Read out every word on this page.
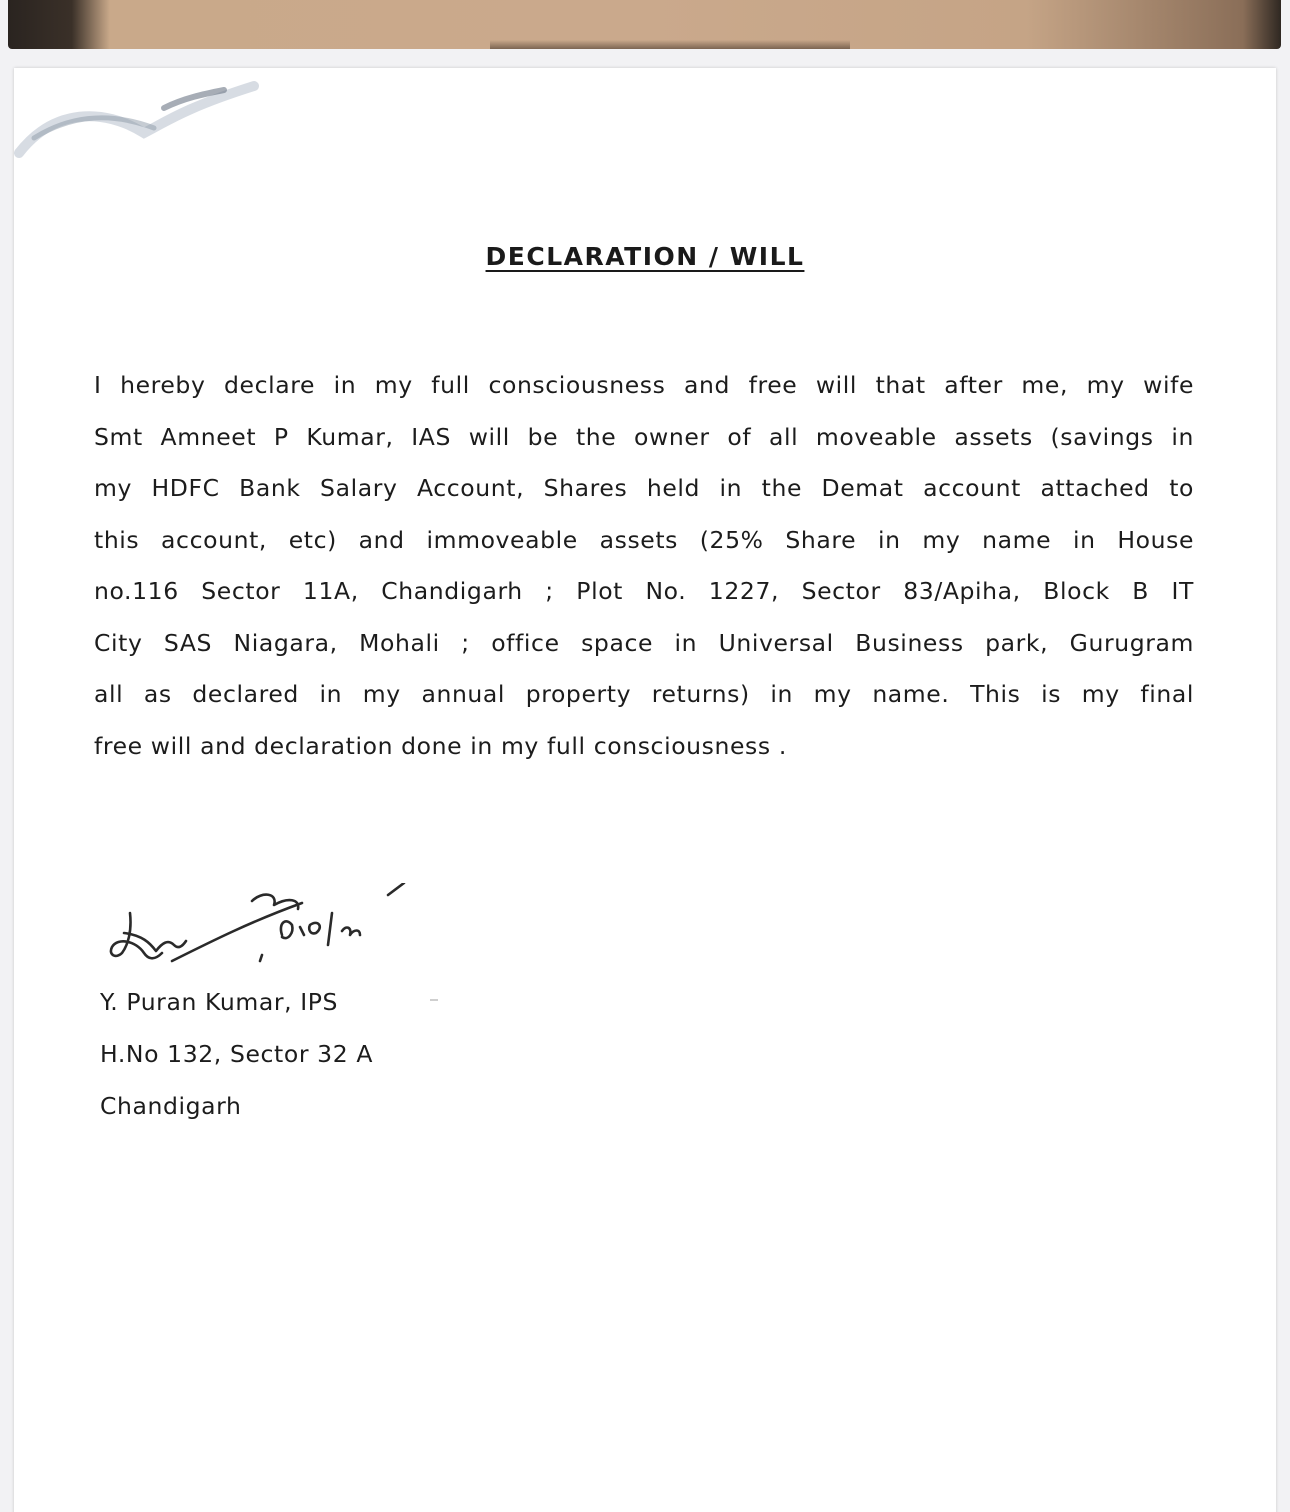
DECLARATION / WILL
I hereby declare in my full consciousness and free will that after me, my wife
Smt Amneet P Kumar, IAS will be the owner of all moveable assets (savings in
my HDFC Bank Salary Account, Shares held in the Demat account attached to
this account, etc) and immoveable assets (25% Share in my name in House
no.116 Sector 11A, Chandigarh ; Plot No. 1227, Sector 83/Apiha, Block B IT
City SAS Niagara, Mohali ; office space in Universal Business park, Gurugram
all as declared in my annual property returns) in my name. This is my final
free will and declaration done in my full consciousness .
Y. Puran Kumar, IPS
H.No 132, Sector 32 A
Chandigarh
